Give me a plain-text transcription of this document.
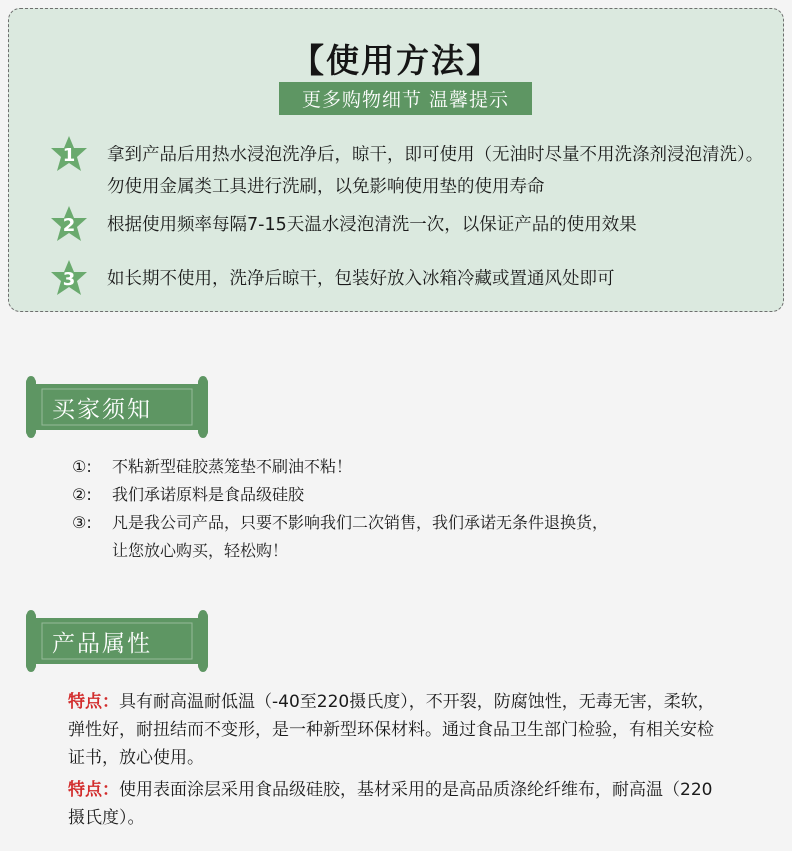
【使用方法】
更多购物细节 温馨提示
1	拿到产品后用热水浸泡洗净后，晾干，即可使用（无油时尽量不用洗涤剂浸泡清洗）。勿使用金属类工具进行洗刷，以免影响使用垫的使用寿命
2	根据使用频率每隔7-15天温水浸泡清洗一次，以保证产品的使用效果
3	如长期不使用，洗净后晾干，包装好放入冰箱冷藏或置通风处即可
买家须知
①: 不粘新型硅胶蒸笼垫不刷油不粘！
②: 我们承诺原料是食品级硅胶
③: 凡是我公司产品，只要不影响我们二次销售，我们承诺无条件退换货，
让您放心购买，轻松购！
产品属性
特点：具有耐高温耐低温（-40至220摄氏度），不开裂，防腐蚀性，无毒无害，柔软，弹性好，耐扭结而不变形，是一种新型环保材料。通过食品卫生部门检验，有相关安检证书，放心使用。
特点：使用表面涂层采用食品级硅胶，基材采用的是高品质涤纶纤维布，耐高温（220摄氏度）。
